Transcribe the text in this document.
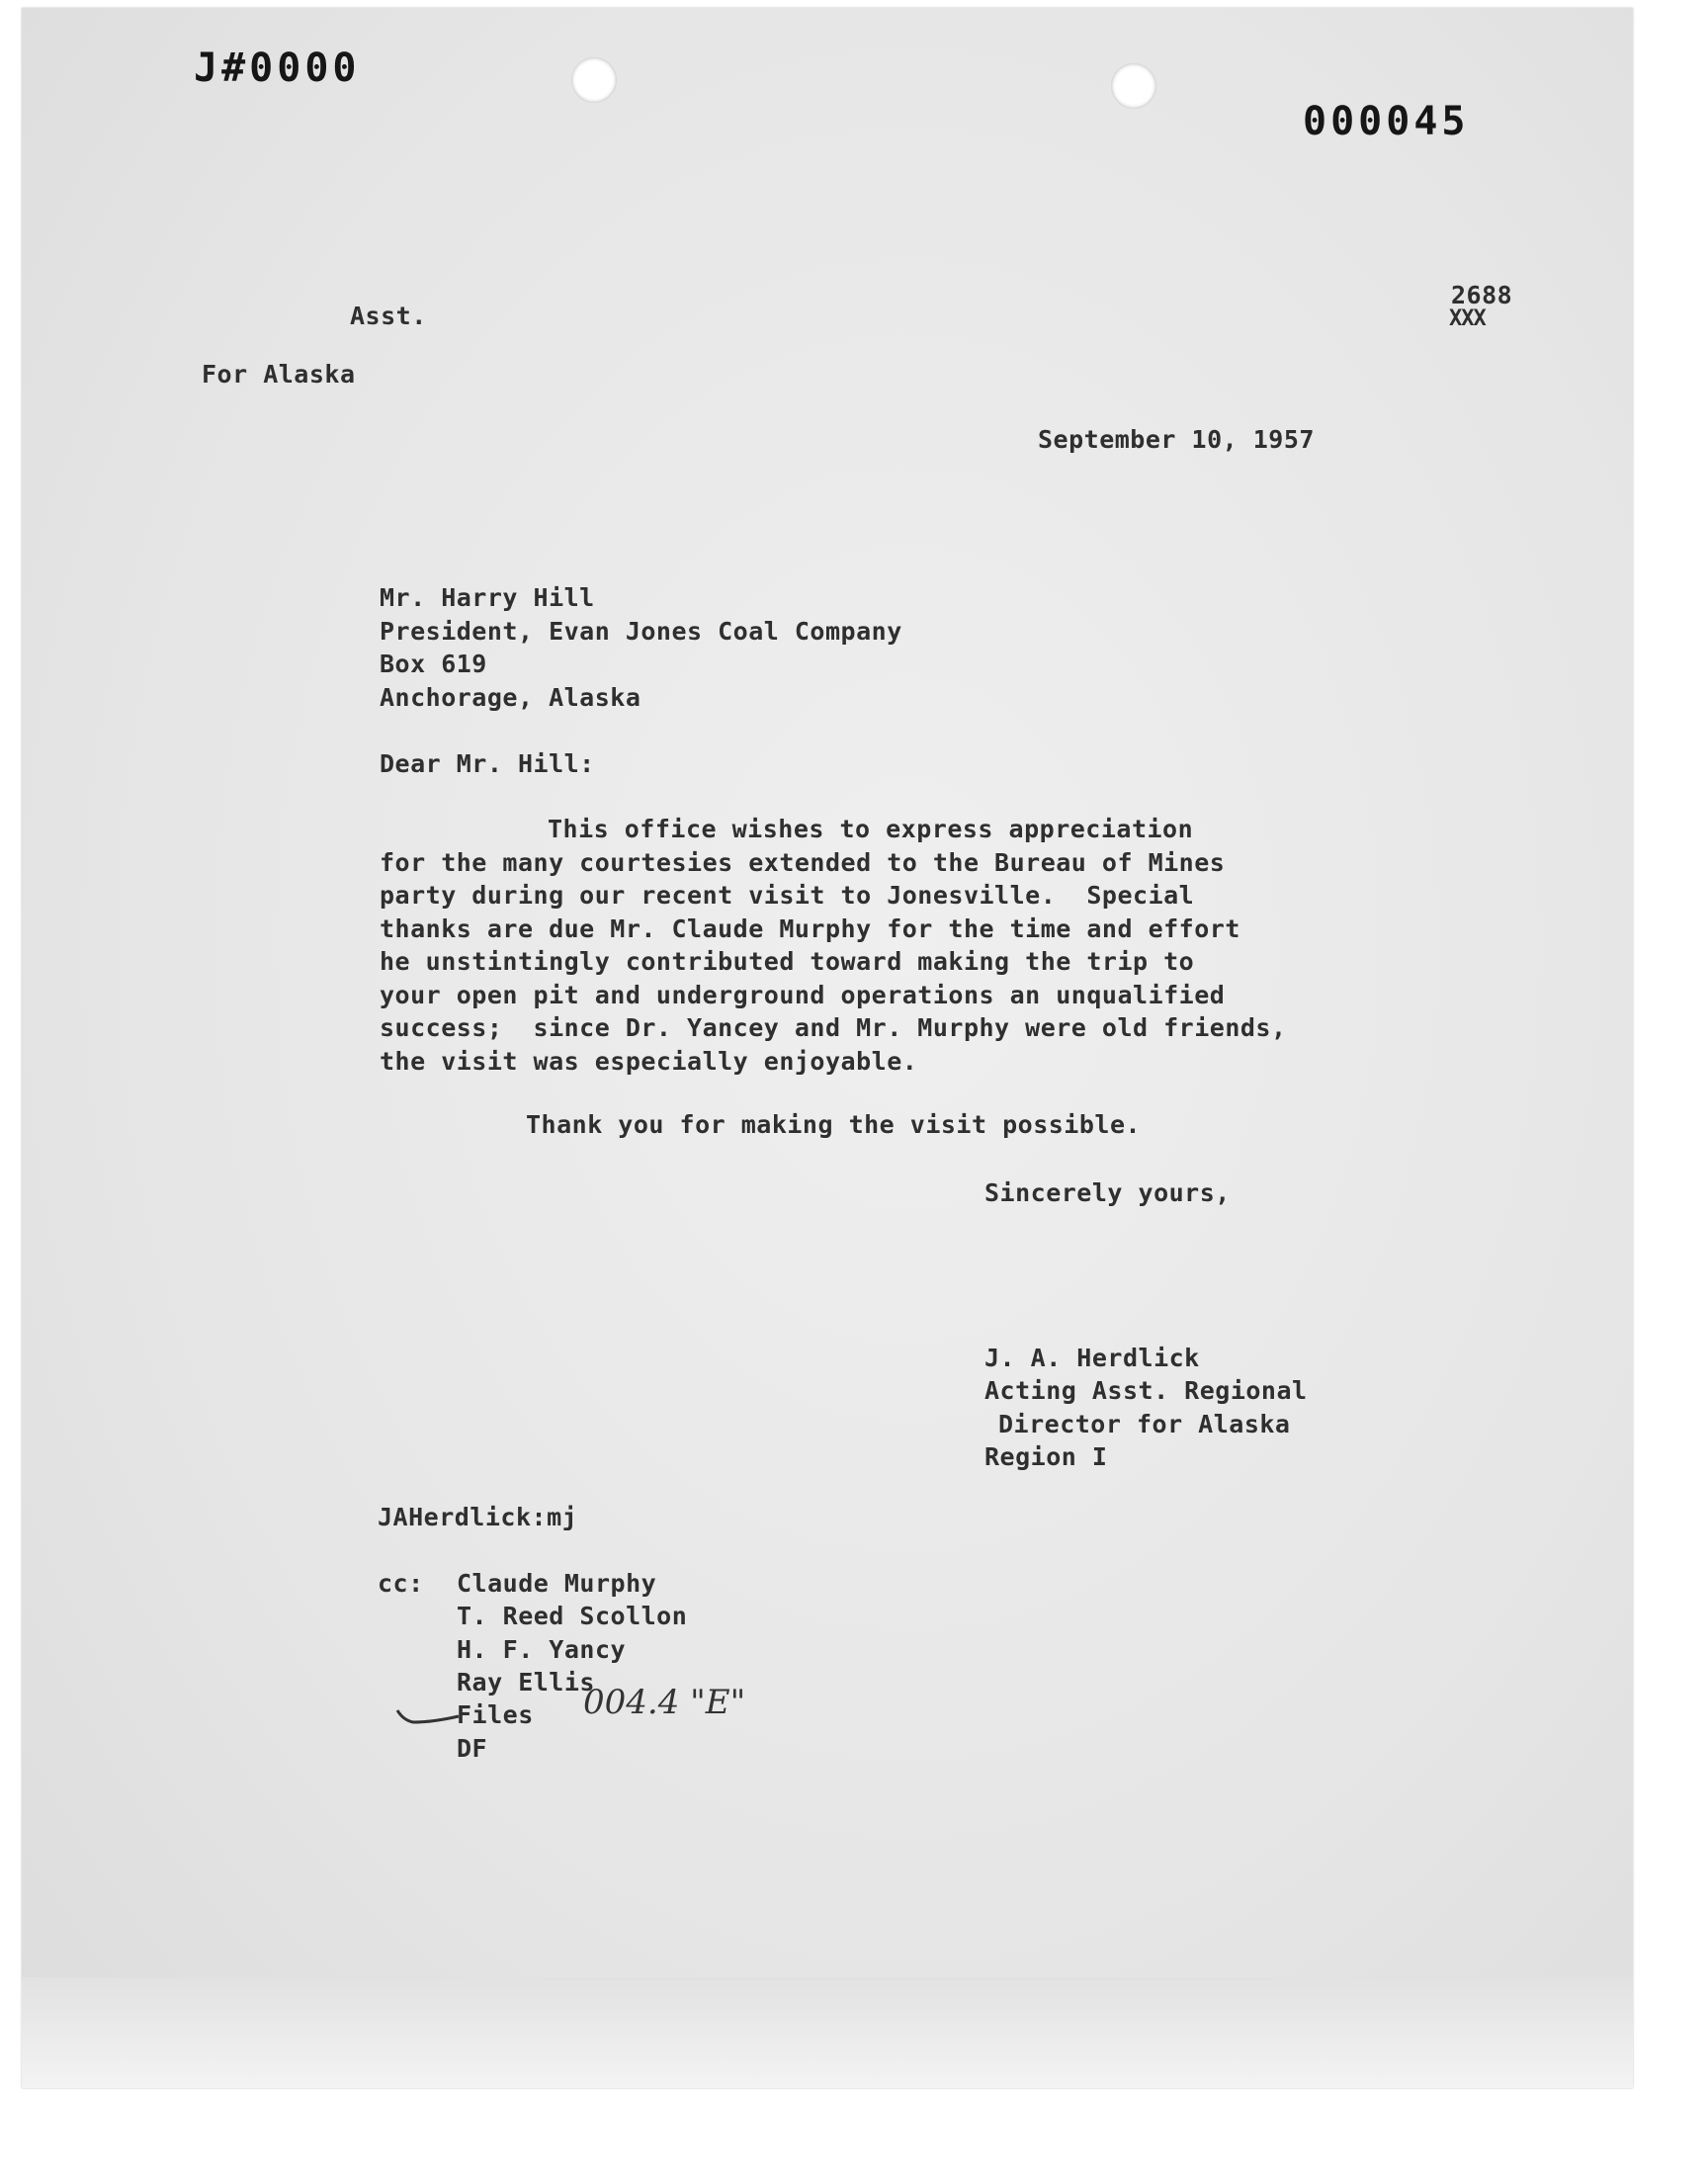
J#0000
000045
2688
XXX
Asst.
For Alaska
September 10, 1957
Mr. Harry Hill
President, Evan Jones Coal Company
Box 619
Anchorage, Alaska
Dear Mr. Hill:
This office wishes to express appreciation
for the many courtesies extended to the Bureau of Mines
party during our recent visit to Jonesville.  Special
thanks are due Mr. Claude Murphy for the time and effort
he unstintingly contributed toward making the trip to
your open pit and underground operations an unqualified
success;  since Dr. Yancey and Mr. Murphy were old friends,
the visit was especially enjoyable.
Thank you for making the visit possible.
Sincerely yours,
J. A. Herdlick
Acting Asst. Regional
Director for Alaska
Region I
JAHerdlick:mj
cc: Claude Murphy
T. Reed Scollon
H. F. Yancy
Ray Ellis
Files
DF
004.4 "E"
